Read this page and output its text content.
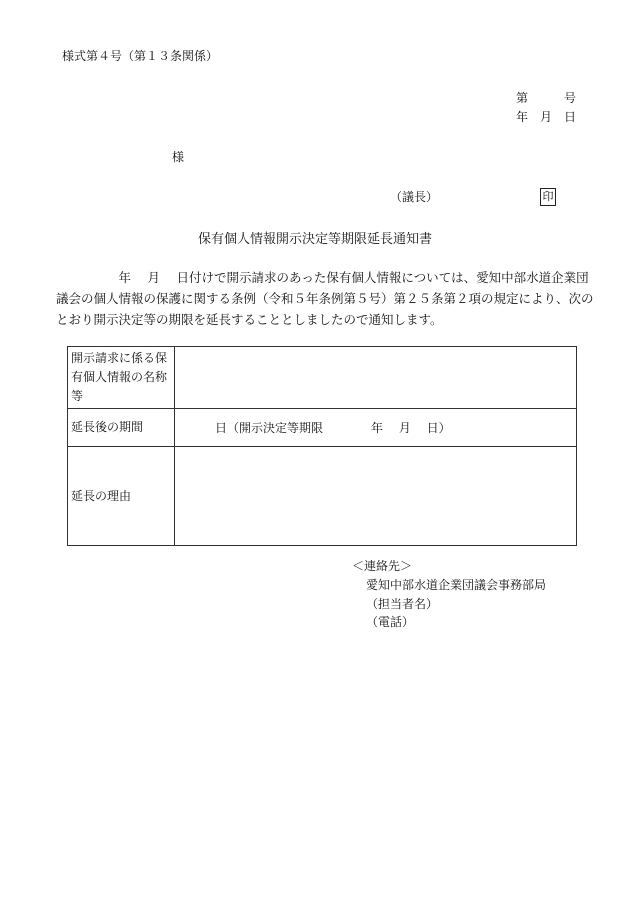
様式第４号（第１３条関係）
第　　　号
年　月　日
様
（議長）	印
保有個人情報開示決定等期限延長通知書
　　　　　年　 月　 日付けで開示請求のあった保有個人情報については、愛知中部水道企業団議会の個人情報の保護に関する条例（令和５年条例第５号）第２５条第２項の規定により、次のとおり開示決定等の期限を延長することとしましたので通知します。
開示請求に係る保有個人情報の名称等	
延長後の期間	日（開示決定等期限　　　　年　 月　 日）
延長の理由	
＜連絡先＞
愛知中部水道企業団議会事務部局
（担当者名）
（電話）
